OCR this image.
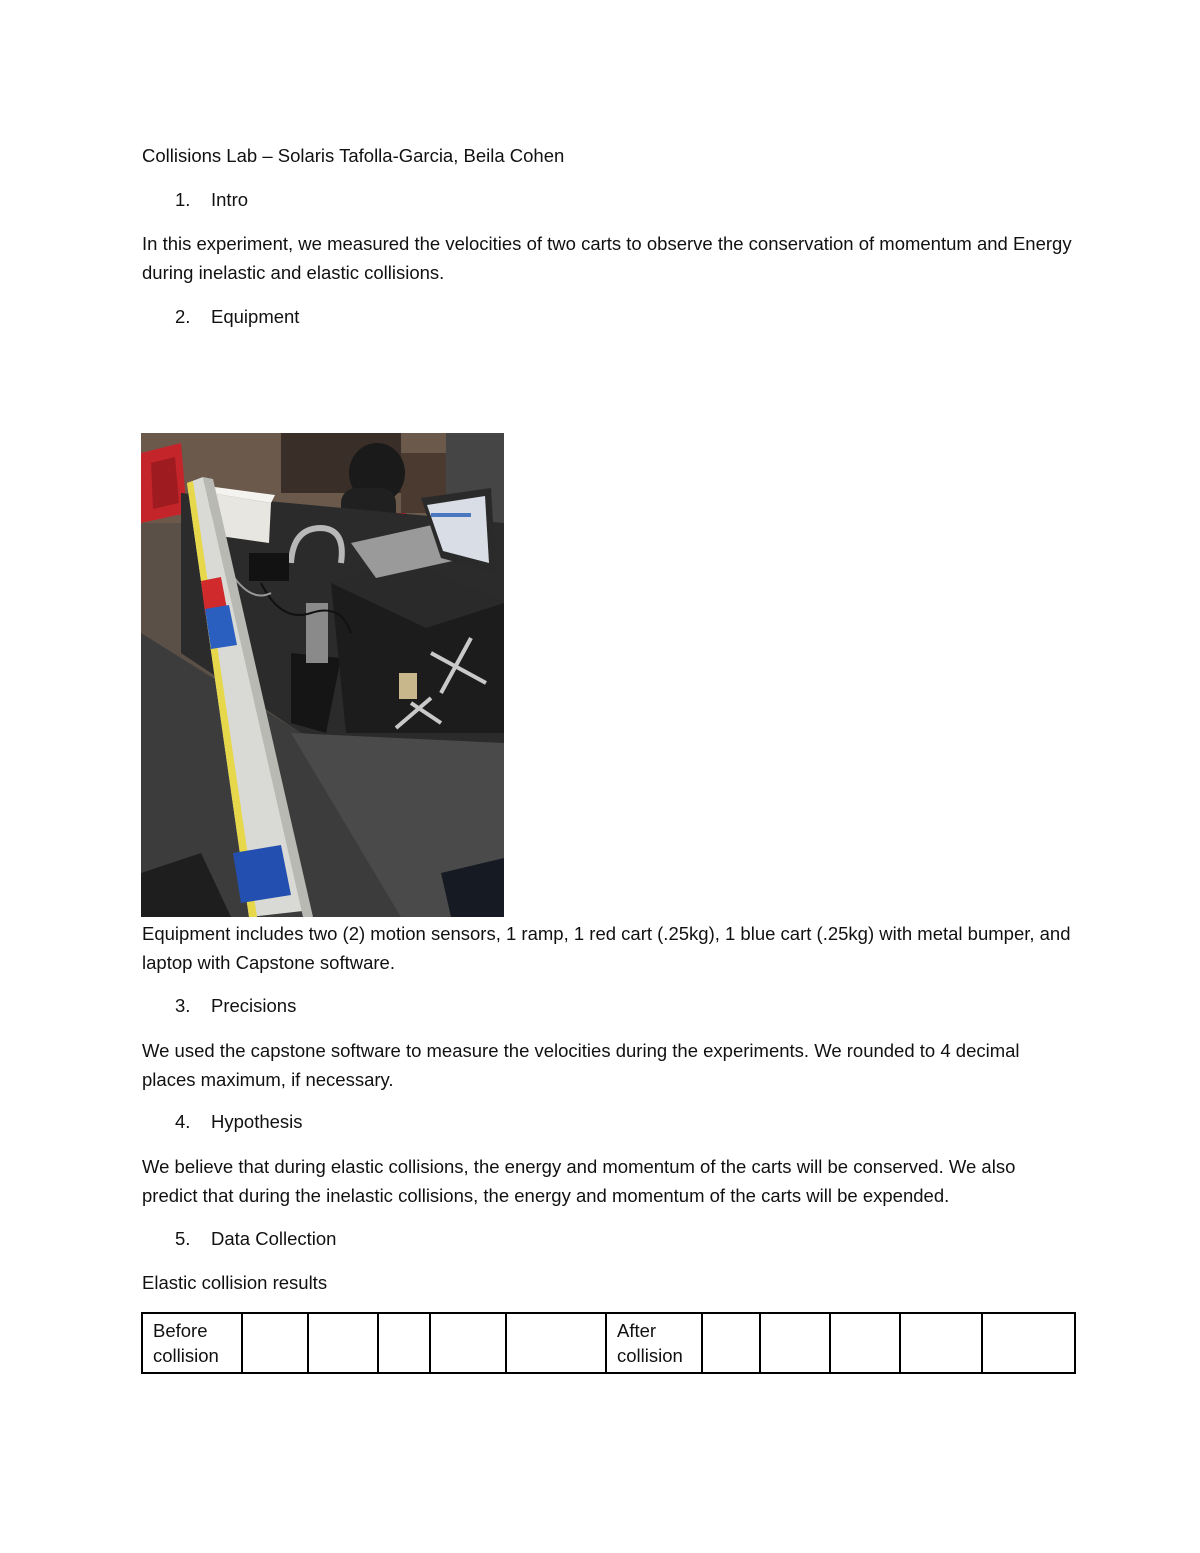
Collisions Lab – Solaris Tafolla-Garcia, Beila Cohen
1. Intro
In this experiment, we measured the velocities of two carts to observe the conservation of momentum and Energy during inelastic and elastic collisions.
2. Equipment
Equipment includes two (2) motion sensors, 1 ramp, 1 red cart (.25kg), 1 blue cart (.25kg) with metal bumper, and laptop with Capstone software.
3. Precisions
We used the capstone software to measure the velocities during the experiments. We rounded to 4 decimal places maximum, if necessary.
4. Hypothesis
We believe that during elastic collisions, the energy and momentum of the carts will be conserved. We also predict that during the inelastic collisions, the energy and momentum of the carts will be expended.
5. Data Collection
Elastic collision results
Before collision						After collision					
